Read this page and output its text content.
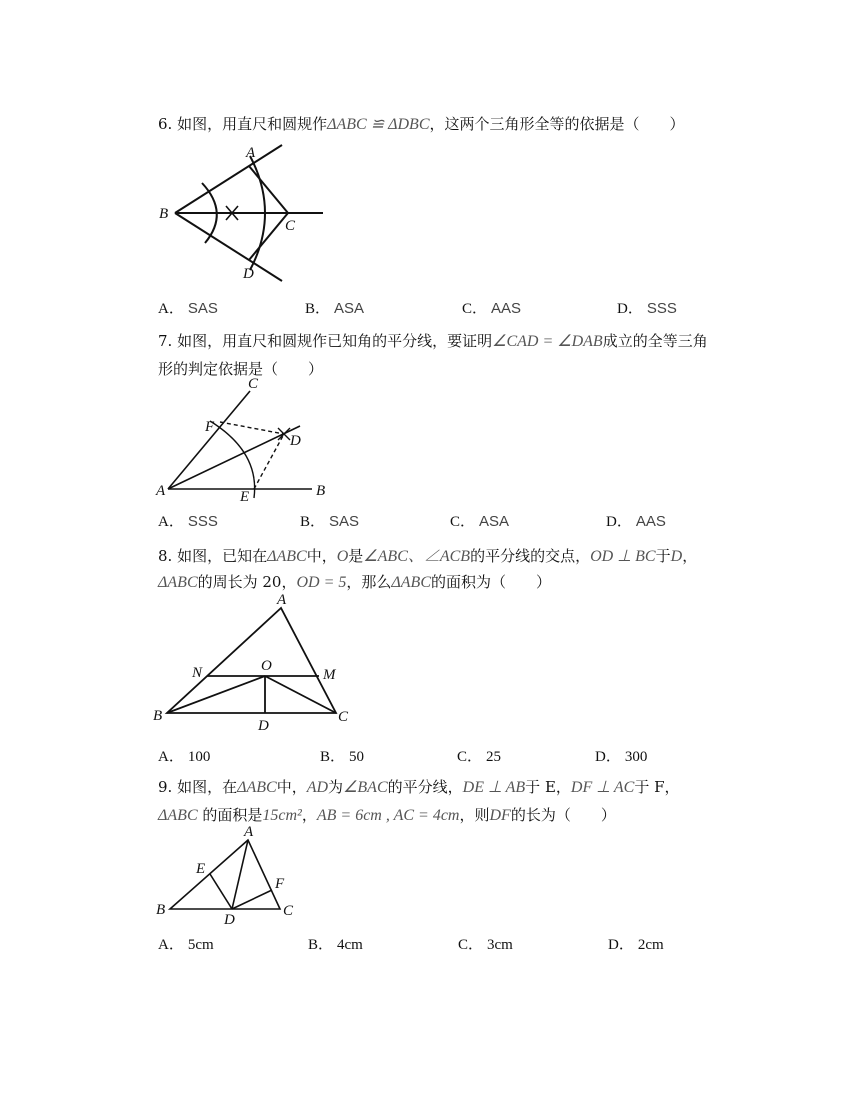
6. 如图，用直尺和圆规作ΔABC ≌ ΔDBC，这两个三角形全等的依据是（　　）
A
B
C
D
A． SAS	B． ASA	C． AAS	D． SSS
7. 如图，用直尺和圆规作已知角的平分线，要证明∠CAD = ∠DAB成立的全等三角
形的判定依据是（　　）
A	B
C
D
E
F
A． SSS	B． SAS	C． ASA	D． AAS
8. 如图，已知在ΔABC中，O是∠ABC、∠ACB的平分线的交点，OD ⊥ BC于D，
ΔABC的周长为 20，OD = 5，那么ΔABC的面积为（　　）
A
N	O
M
B
D
C
A． 100	B． 50	C． 25	D． 300
9. 如图，在ΔABC中，AD为∠BAC的平分线，DE ⊥ AB于 E，DF ⊥ AC于 F，
ΔABC 的面积是15cm²，AB = 6cm , AC = 4cm，则DF的长为（　　）
A
E
F
B
D
C
A． 5cm	B． 4cm	C． 3cm	D． 2cm
